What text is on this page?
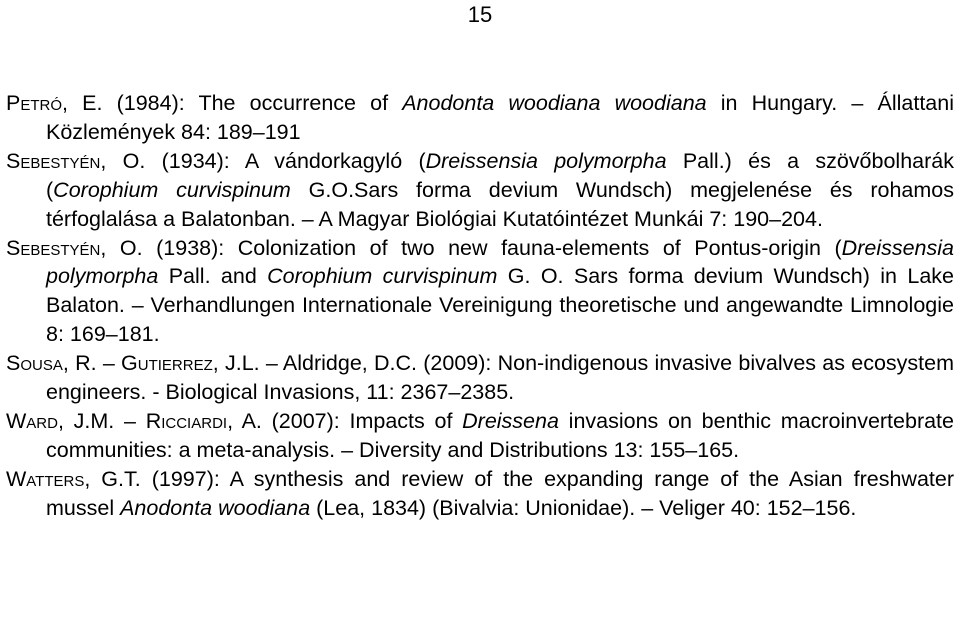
15

Petró, E. (1984): The occurrence of Anodonta woodiana woodiana in Hungary. – Állattani Közlemények 84: 189–191

Sebestyén, O. (1934): A vándorkagyló (Dreissensia polymorpha Pall.) és a szövőbolharák (Corophium curvispinum G.O.Sars forma devium Wundsch) megjelenése és rohamos térfoglalása a Balatonban. – A Magyar Biológiai Kutatóintézet Munkái 7: 190–204.

Sebestyén, O. (1938): Colonization of two new fauna-elements of Pontus-origin (Dreissensia polymorpha Pall. and Corophium curvispinum G. O. Sars forma devium Wundsch) in Lake Balaton. – Verhandlungen Internationale Vereinigung theoretische und angewandte Limnologie 8: 169–181.

Sousa, R. – Gutierrez, J.L. – Aldridge, D.C. (2009): Non-indigenous invasive bivalves as ecosystem engineers. - Biological Invasions, 11: 2367–2385.

Ward, J.M. – Ricciardi, A. (2007): Impacts of Dreissena invasions on benthic macroinvertebrate communities: a meta-analysis. – Diversity and Distributions 13: 155–165.

Watters, G.T. (1997): A synthesis and review of the expanding range of the Asian freshwater mussel Anodonta woodiana (Lea, 1834) (Bivalvia: Unionidae). – Veliger 40: 152–156.
